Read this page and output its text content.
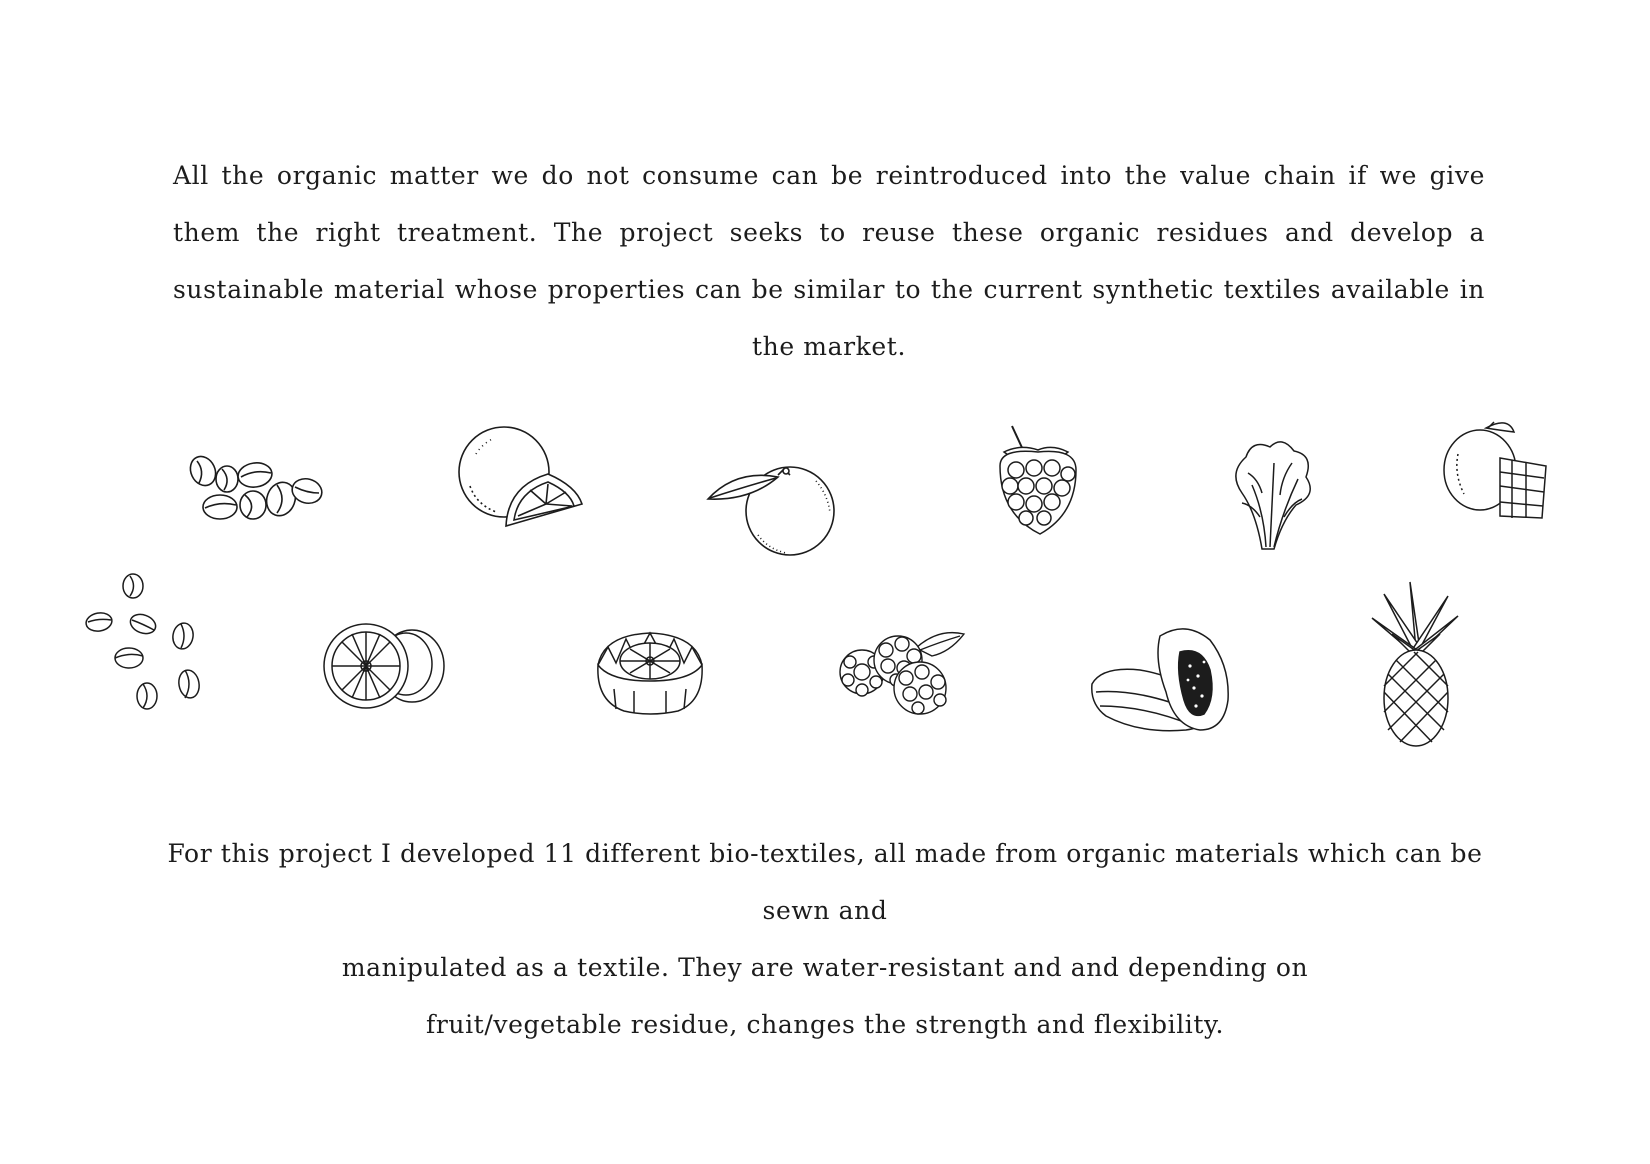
All the organic matter we do not consume can be reintroduced into the value chain if we give them the right treatment. The project seeks to reuse these organic residues and develop a sustainable material whose properties can be similar to the current synthetic textiles available in the market.

For this project I developed 11 different bio-textiles, all made from organic materials which can be sewn and
manipulated as a textile. They are water-resistant and and depending on
fruit/vegetable residue, changes the strength and flexibility.
